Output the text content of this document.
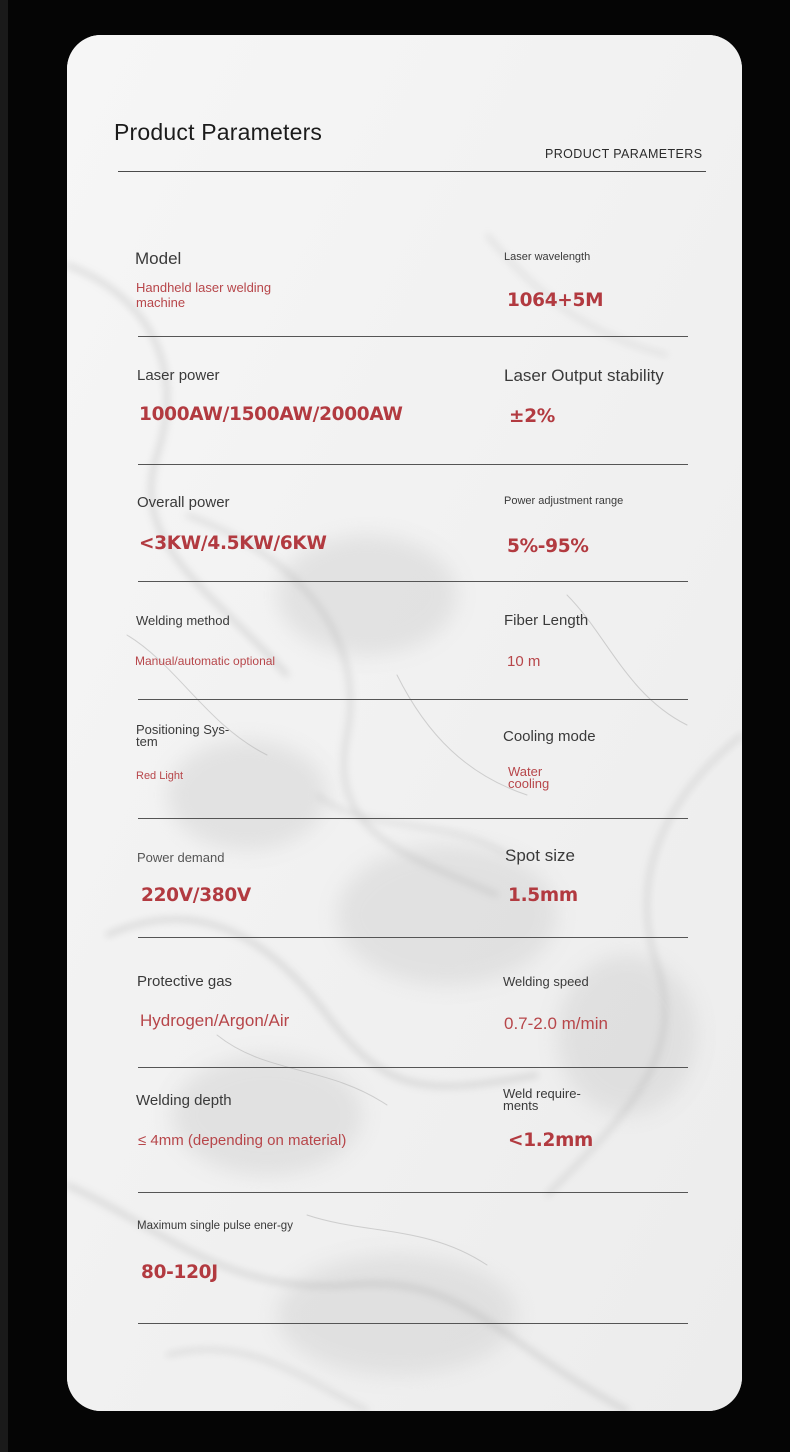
Product Parameters
PRODUCT PARAMETERS
Model
Handheld laser welding machine
Laser wavelength
1064+5M
Laser power
1000AW/1500AW/2000AW
Laser Output stability
±2%
Overall power
<3KW/4.5KW/6KW
Power adjustment range
5%-95%
Welding method
Manual/automatic optional
Fiber Length
10 m
Positioning Sys-tem
Red Light
Cooling mode
Water cooling
Power demand
220V/380V
Spot size
1.5mm
Protective gas
Hydrogen/Argon/Air
Welding speed
0.7-2.0 m/min
Welding depth
≤ 4mm (depending on material)
Weld require-ments
<1.2mm
Maximum single pulse ener-gy
80-120J
